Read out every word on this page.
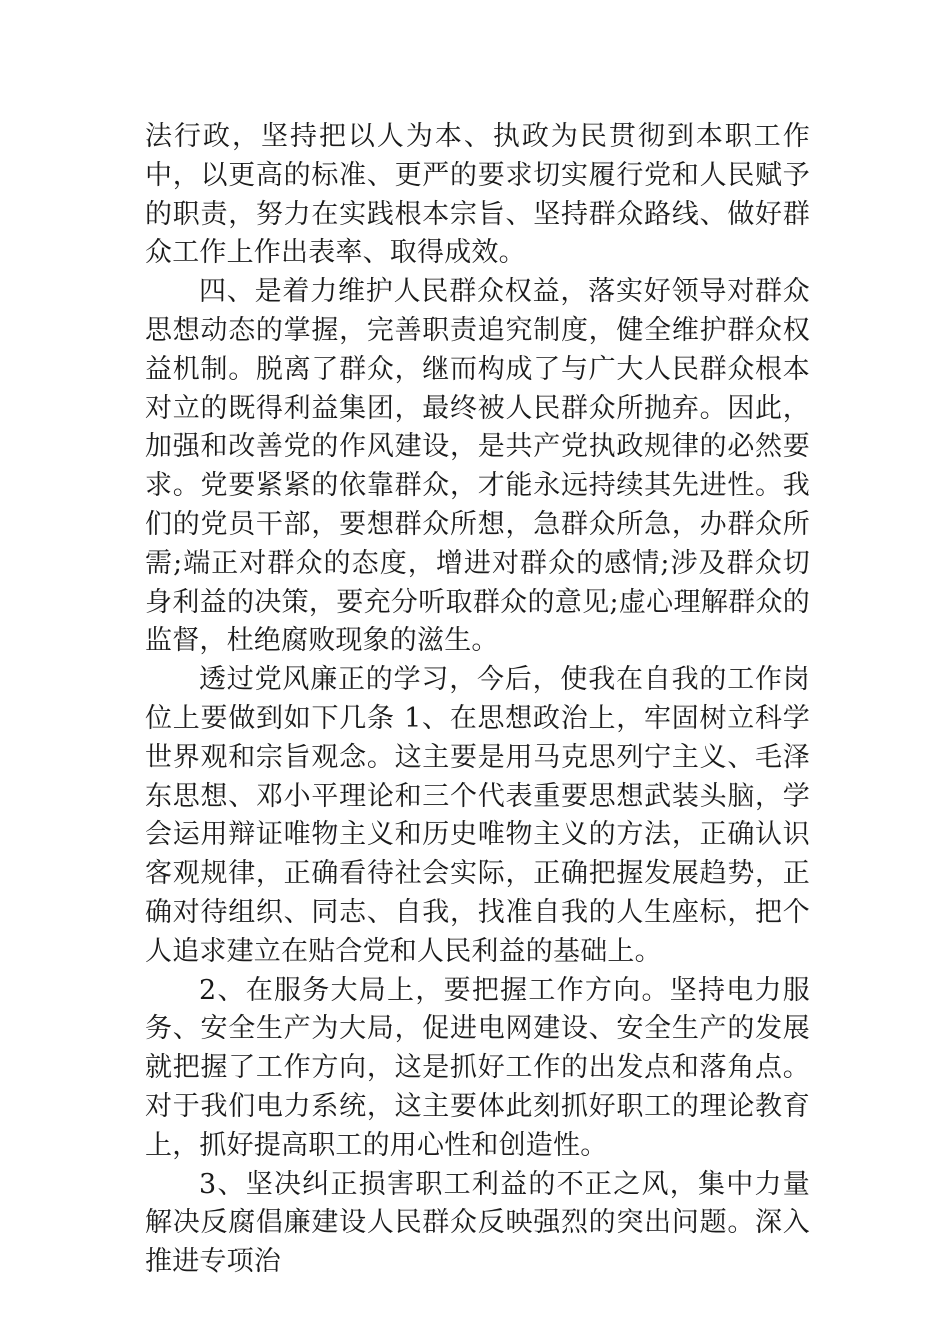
法行政，坚持把以人为本、执政为民贯彻到本职工作中，以更高的标准、更严的要求切实履行党和人民赋予的职责，努力在实践根本宗旨、坚持群众路线、做好群众工作上作出表率、取得成效。

四、是着力维护人民群众权益，落实好领导对群众思想动态的掌握，完善职责追究制度，健全维护群众权益机制。脱离了群众，继而构成了与广大人民群众根本对立的既得利益集团，最终被人民群众所抛弃。因此，加强和改善党的作风建设，是共产党执政规律的必然要求。党要紧紧的依靠群众，才能永远持续其先进性。我们的党员干部，要想群众所想，急群众所急，办群众所需;端正对群众的态度，增进对群众的感情;涉及群众切身利益的决策，要充分听取群众的意见;虚心理解群众的监督，杜绝腐败现象的滋生。

透过党风廉正的学习，今后，使我在自我的工作岗位上要做到如下几条 1、在思想政治上，牢固树立科学世界观和宗旨观念。这主要是用马克思列宁主义、毛泽东思想、邓小平理论和三个代表重要思想武装头脑，学会运用辩证唯物主义和历史唯物主义的方法，正确认识客观规律，正确看待社会实际，正确把握发展趋势，正确对待组织、同志、自我，找准自我的人生座标，把个人追求建立在贴合党和人民利益的基础上。

2、在服务大局上，要把握工作方向。坚持电力服务、安全生产为大局，促进电网建设、安全生产的发展就把握了工作方向，这是抓好工作的出发点和落角点。对于我们电力系统，这主要体此刻抓好职工的理论教育上，抓好提高职工的用心性和创造性。

3、坚决纠正损害职工利益的不正之风，集中力量解决反腐倡廉建设人民群众反映强烈的突出问题。深入推进专项治
